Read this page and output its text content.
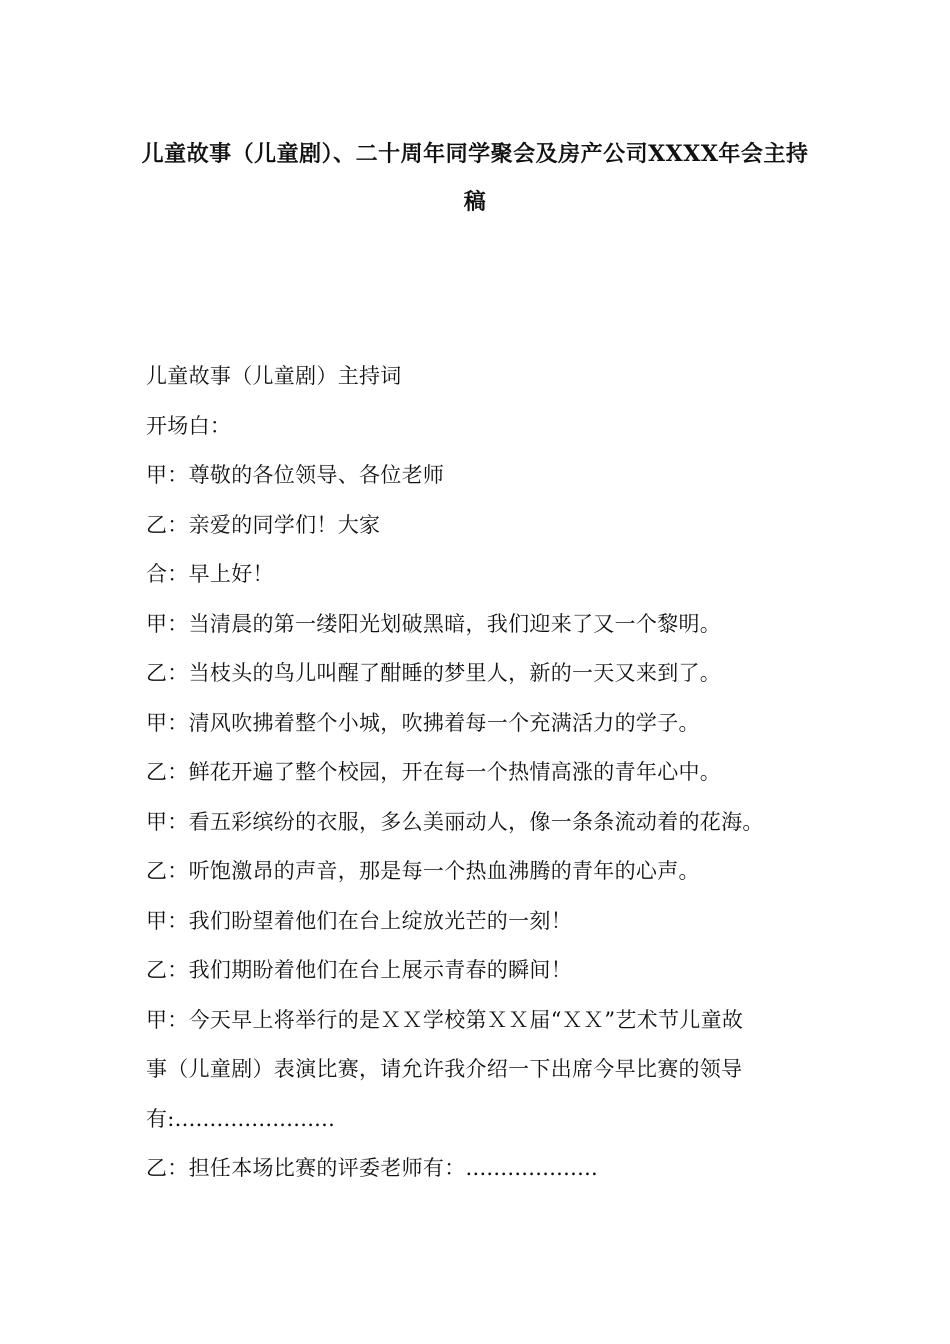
儿童故事（儿童剧）、二十周年同学聚会及房产公司XXXX年会主持
稿

儿童故事（儿童剧）主持词

开场白：

甲：尊敬的各位领导、各位老师

乙：亲爱的同学们！大家

合：早上好！

甲：当清晨的第一缕阳光划破黑暗，我们迎来了又一个黎明。

乙：当枝头的鸟儿叫醒了酣睡的梦里人，新的一天又来到了。

甲：清风吹拂着整个小城，吹拂着每一个充满活力的学子。

乙：鲜花开遍了整个校园，开在每一个热情高涨的青年心中。

甲：看五彩缤纷的衣服，多么美丽动人，像一条条流动着的花海。

乙：听饱激昂的声音，那是每一个热血沸腾的青年的心声。

甲：我们盼望着他们在台上绽放光芒的一刻！

乙：我们期盼着他们在台上展示青春的瞬间！

甲：今天早上将举行的是ＸＸ学校第ＸＸ届“ＸＸ”艺术节儿童故

事（儿童剧）表演比赛，请允许我介绍一下出席今早比赛的领导

有:.......................

乙：担任本场比赛的评委老师有：...................
